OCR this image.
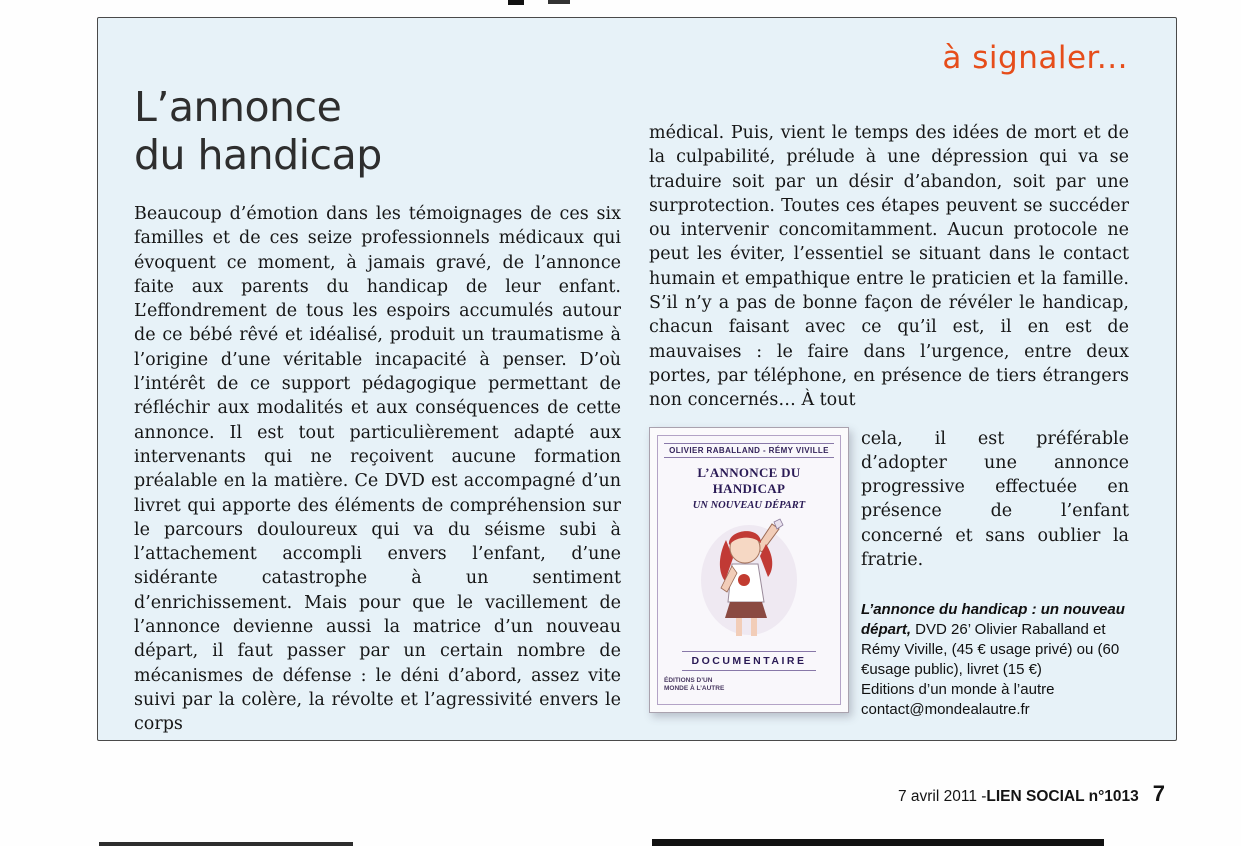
à signaler...
L’annonce
du handicap

Beaucoup d’émotion dans les témoignages de ces six familles et de ces seize professionnels médicaux qui évoquent ce moment, à jamais gravé, de l’annonce faite aux parents du handicap de leur enfant. L’effondrement de tous les espoirs accumulés autour de ce bébé rêvé et idéalisé, produit un traumatisme à l’origine d’une véritable incapacité à penser. D’où l’intérêt de ce support pédagogique permettant de réfléchir aux modalités et aux conséquences de cette annonce. Il est tout particulièrement adapté aux intervenants qui ne reçoivent aucune formation préalable en la matière. Ce DVD est accompagné d’un livret qui apporte des éléments de compréhension sur le parcours douloureux qui va du séisme subi à l’attachement accompli envers l’enfant, d’une sidérante catastrophe à un sentiment d’enrichissement. Mais pour que le vacillement de l’annonce devienne aussi la matrice d’un nouveau départ, il faut passer par un certain nombre de mécanismes de défense : le déni d’abord, assez vite suivi par la colère, la révolte et l’agressivité envers le corps

médical. Puis, vient le temps des idées de mort et de la culpabilité, prélude à une dépression qui va se traduire soit par un désir d’abandon, soit par une surprotection. Toutes ces étapes peuvent se succéder ou intervenir concomitamment. Aucun protocole ne peut les éviter, l’essentiel se situant dans le contact humain et empathique entre le praticien et la famille. S’il n’y a pas de bonne façon de révéler le handicap, chacun faisant avec ce qu’il est, il en est de mauvaises : le faire dans l’urgence, entre deux portes, par téléphone, en présence de tiers étrangers non concernés… À tout

OLIVIER RABALLAND - RÉMY VIVILLE
L’ANNONCE DU HANDICAP
UN NOUVEAU DÉPART
DOCUMENTAIRE
ÉDITIONS D’UN MONDE À L’AUTRE

cela, il est préférable d’adopter une annonce progressive effectuée en présence de l’enfant concerné et sans oublier la fratrie.

L’annonce du handicap : un nouveau départ, DVD 26’ Olivier Raballand et Rémy Viville, (45 € usage privé) ou (60 €usage public), livret (15 €)
Editions d’un monde à l’autre
contact@mondealautre.fr

7 avril 2011 - LIEN SOCIAL n°1013 7
